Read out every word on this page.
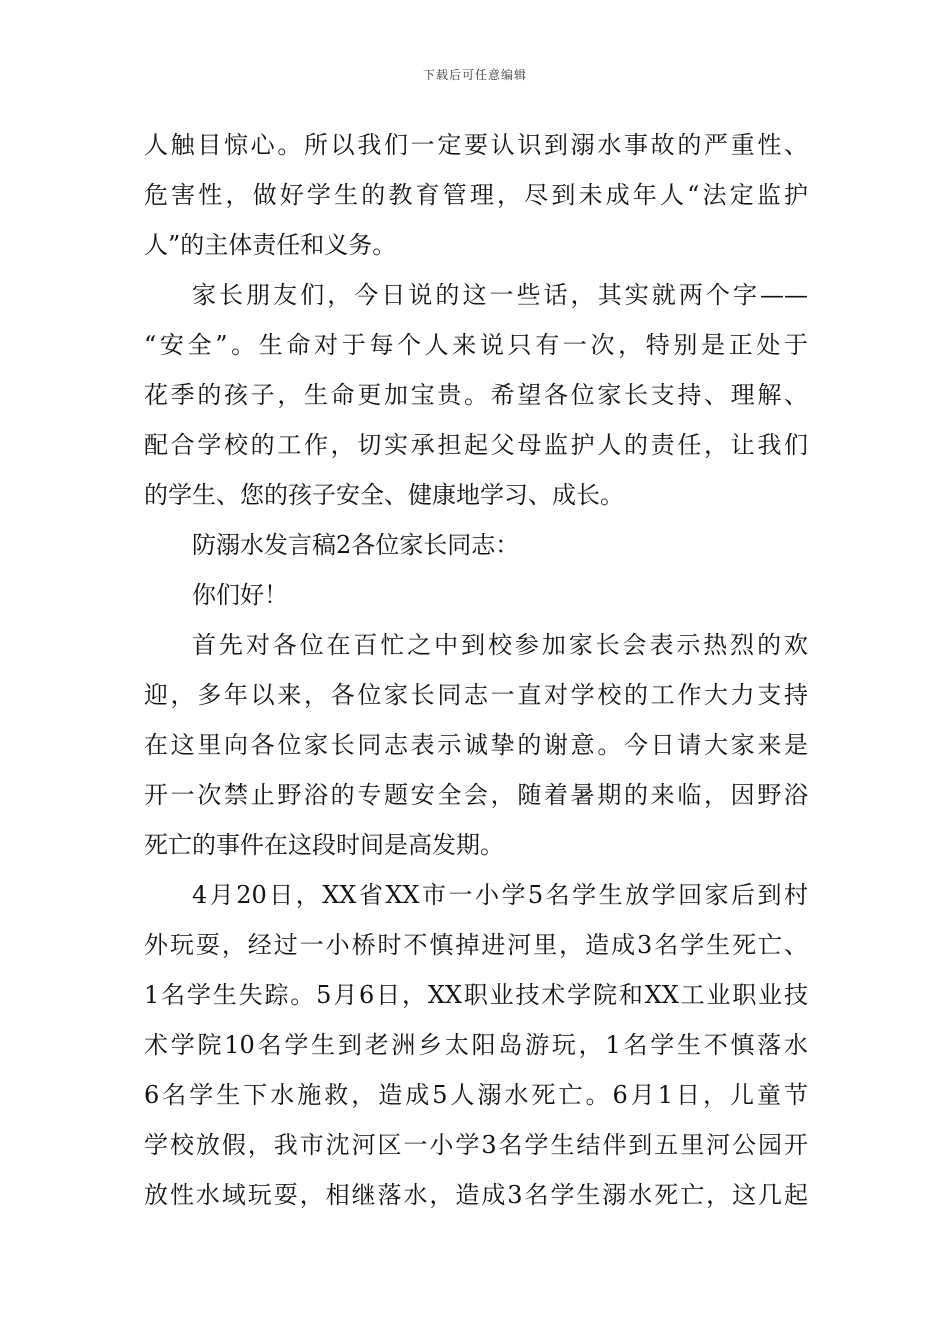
下载后可任意编辑
人触目惊心。所以我们一定要认识到溺水事故的严重性、
危害性，做好学生的教育管理，尽到未成年人“法定监护
人”的主体责任和义务。
家长朋友们，今日说的这一些话，其实就两个字——
“安全”。生命对于每个人来说只有一次，特别是正处于
花季的孩子，生命更加宝贵。希望各位家长支持、理解、
配合学校的工作，切实承担起父母监护人的责任，让我们
的学生、您的孩子安全、健康地学习、成长。
防溺水发言稿2各位家长同志：
你们好！
首先对各位在百忙之中到校参加家长会表示热烈的欢
迎，多年以来，各位家长同志一直对学校的工作大力支持
在这里向各位家长同志表示诚挚的谢意。今日请大家来是
开一次禁止野浴的专题安全会，随着暑期的来临，因野浴
死亡的事件在这段时间是高发期。
4月20日，XX省XX市一小学5名学生放学回家后到村
外玩耍，经过一小桥时不慎掉进河里，造成3名学生死亡、
1名学生失踪。5月6日，XX职业技术学院和XX工业职业技
术学院10名学生到老洲乡太阳岛游玩，1名学生不慎落水
6名学生下水施救，造成5人溺水死亡。6月1日，儿童节
学校放假，我市沈河区一小学3名学生结伴到五里河公园开
放性水域玩耍，相继落水，造成3名学生溺水死亡，这几起
